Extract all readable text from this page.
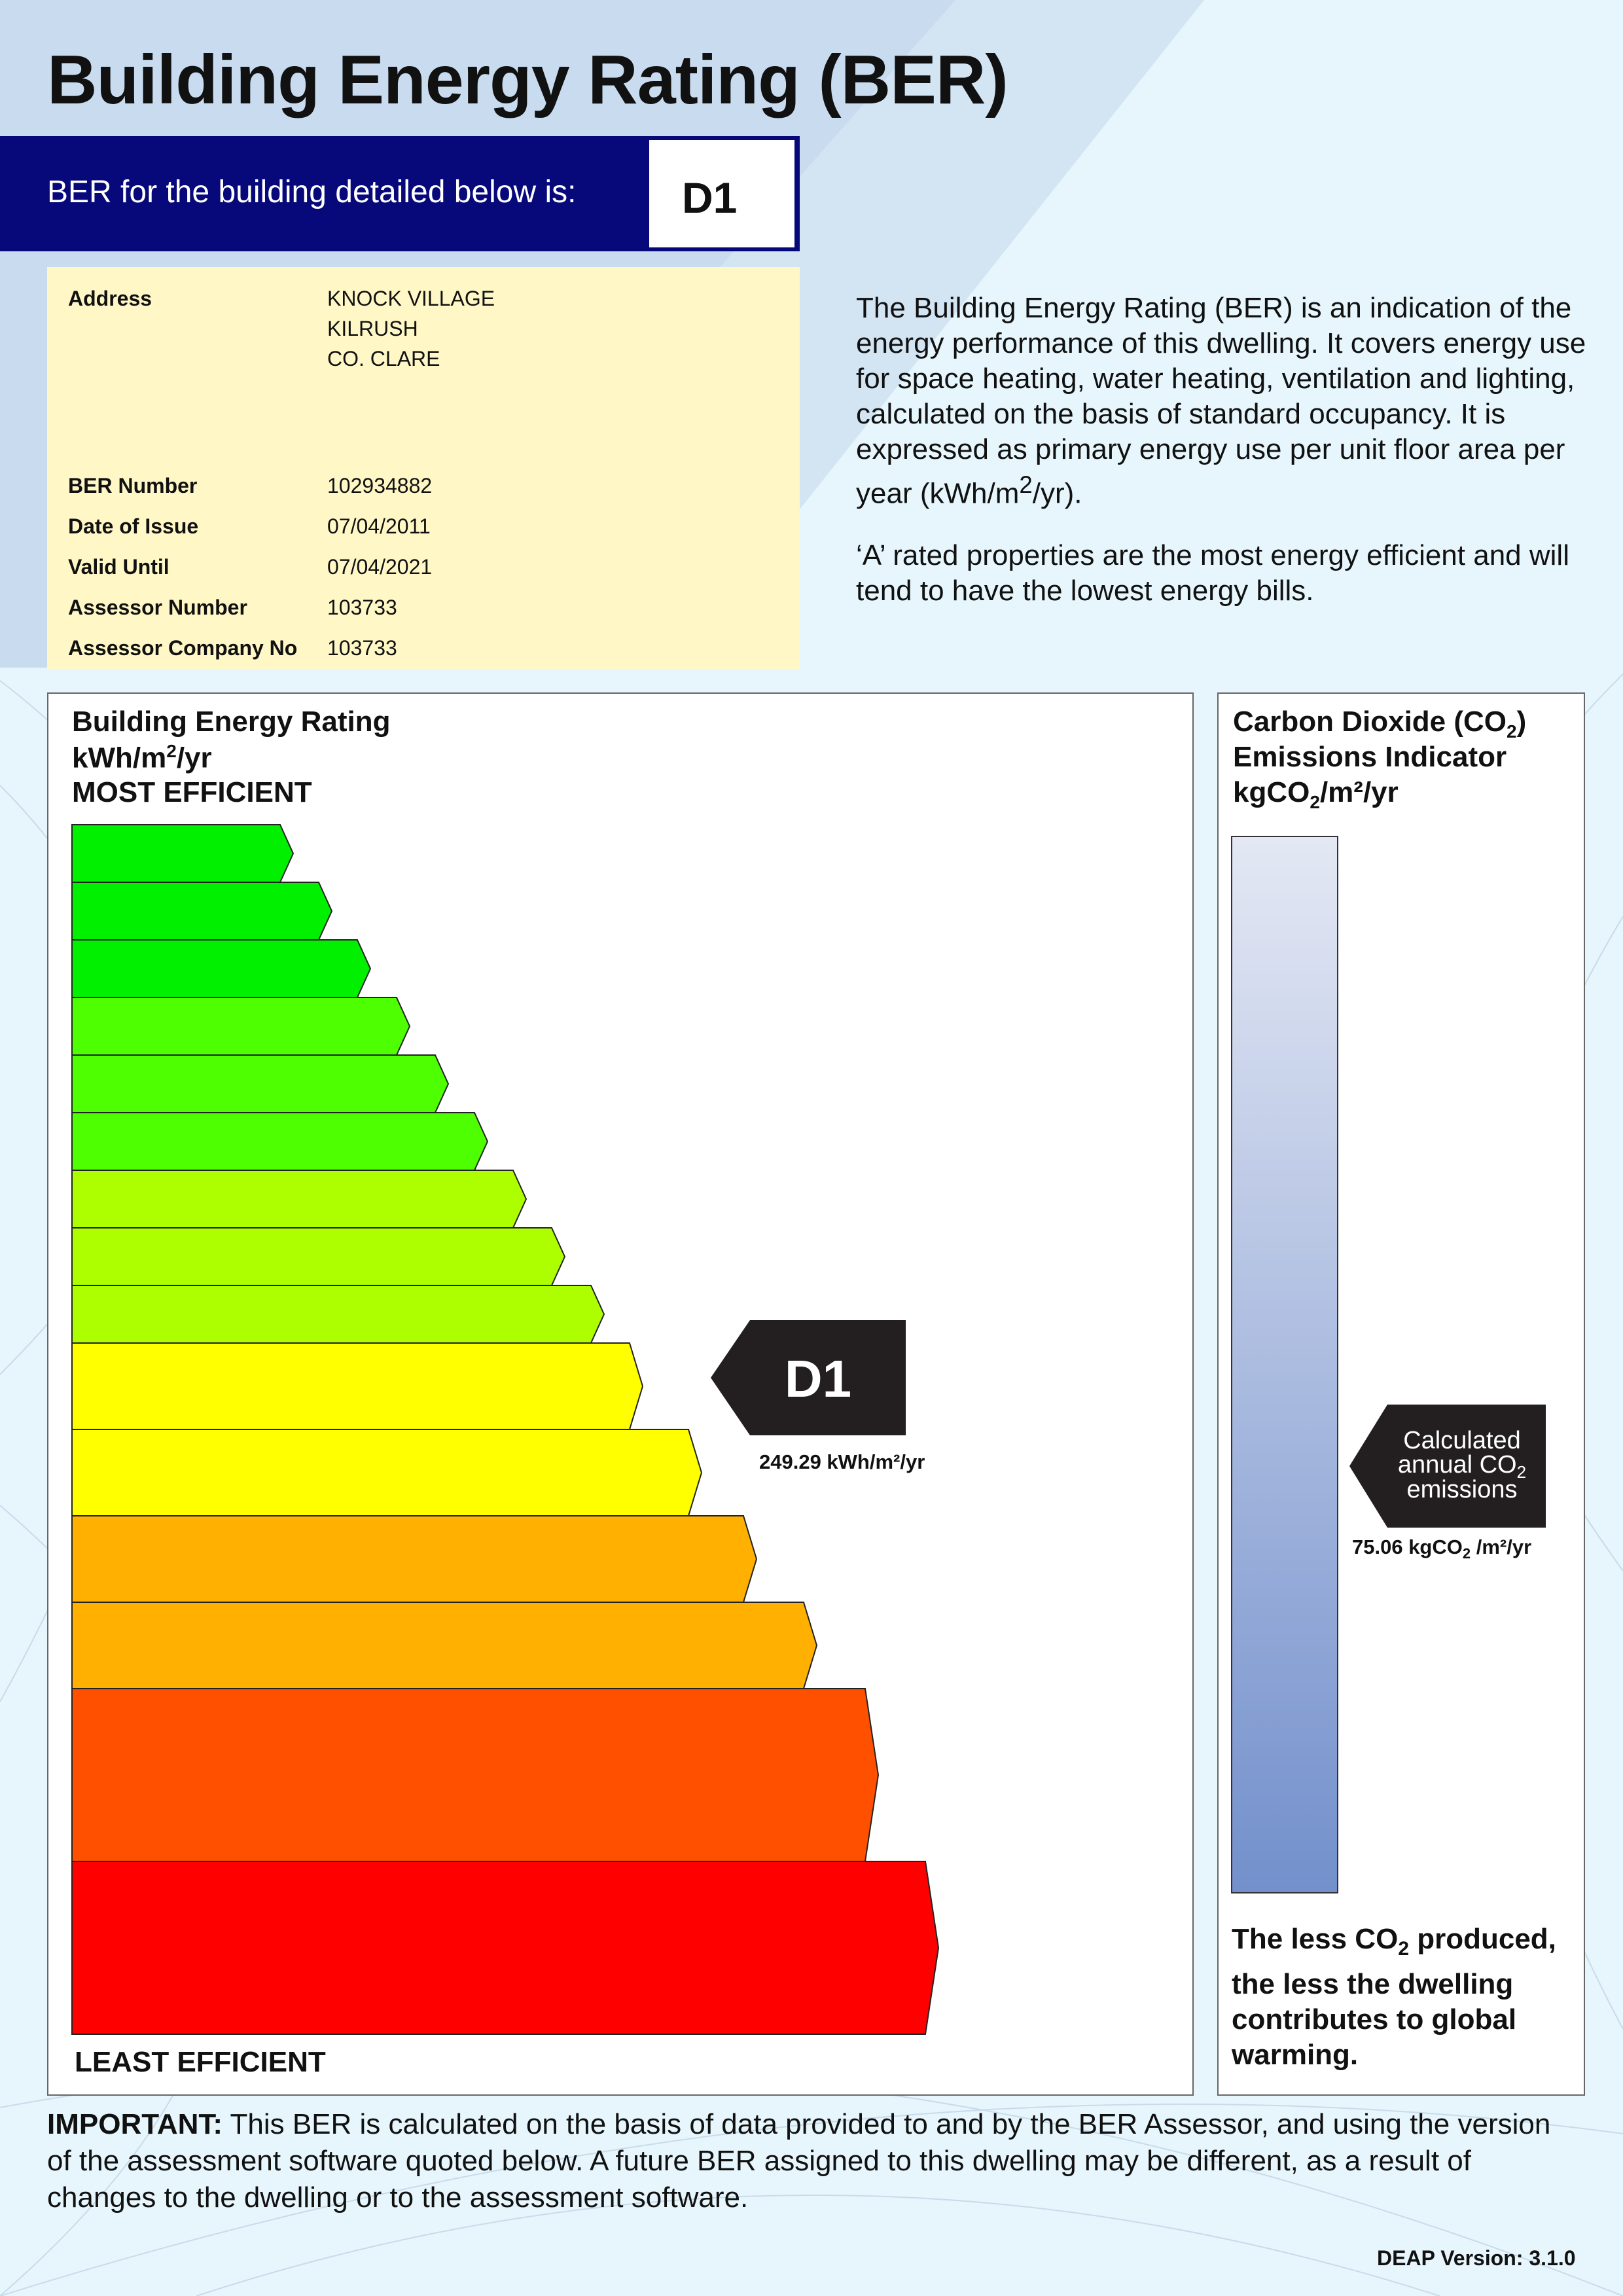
Building Energy Rating (BER)
BER for the building detailed below is: D1
Address	KNOCK VILLAGE
KILRUSH
CO. CLARE
BER Number	102934882
Date of Issue	07/04/2011
Valid Until	07/04/2021
Assessor Number	103733
Assessor Company No 103733

The Building Energy Rating (BER) is an indication of the energy performance of this dwelling. It covers energy use for space heating, water heating, ventilation and lighting, calculated on the basis of standard occupancy. It is expressed as primary energy use per unit floor area per year $(kWh/m^2/yr)$.

‘A’ rated properties are the most energy efficient and will tend to have the lowest energy bills.

Building Energy Rating
kWh/$m^2/yr$
MOST EFFICIENT
D1
249.29 kWh/m²/yr
LEAST EFFICIENT
Carbon Dioxide $(CO_2)$
Emissions Indicator
kgCO$_2$/m²/yr
Calculated
annual $CO_2$
emissions
75.06 kgCO$_2$ /m²/yr
The less $CO_2$ produced, the less the dwelling contributes to global warming.
IMPORTANT: This BER is calculated on the basis of data provided to and by the BER Assessor, and using the version of the assessment software quoted below. A future BER assigned to this dwelling may be different, as a result of changes to the dwelling or to the assessment software.
DEAP Version: 3.1.0
